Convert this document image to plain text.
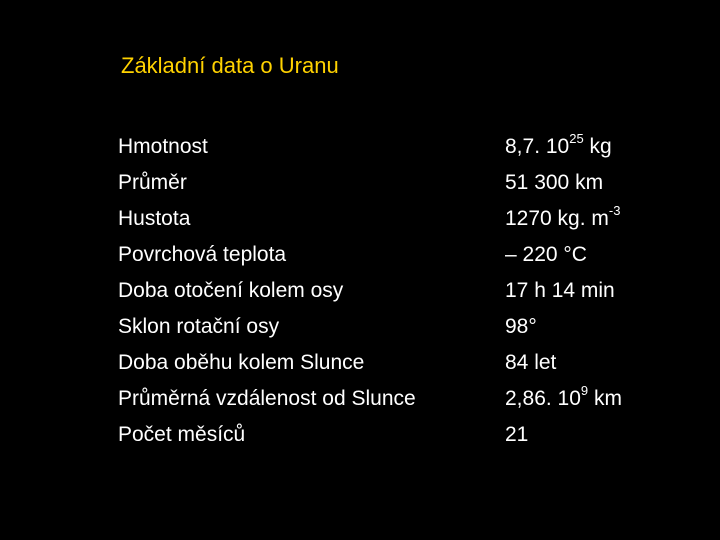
Základní data o Uranu
Hmotnost	8,7. $10^{25}$ kg
Průměr	51 300 km
Hustota	1270 kg. $m^{-3}$
Povrchová teplota	– 220 °C
Doba otočení kolem osy	17 h 14 min
Sklon rotační osy	98°
Doba oběhu kolem Slunce	84 let
Průměrná vzdálenost od Slunce	2,86. $10^9$ km
Počet měsíců	21
